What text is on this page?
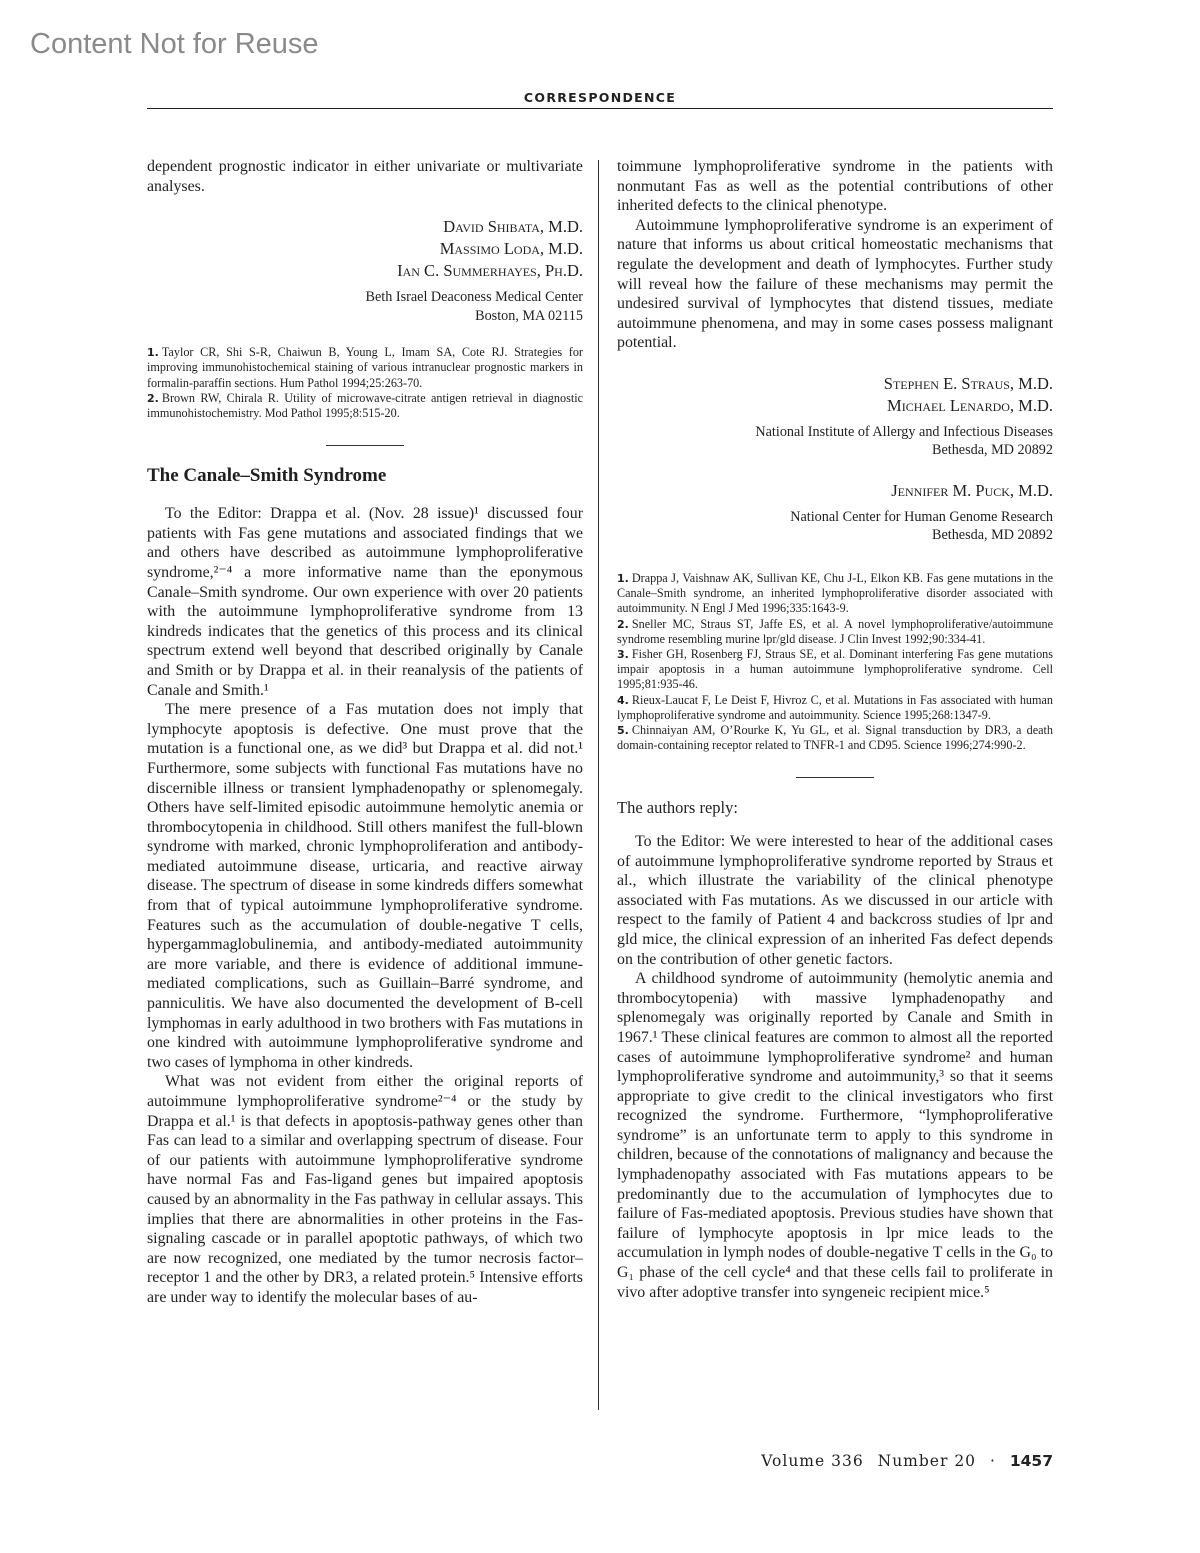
Content Not for Reuse
CORRESPONDENCE

dependent prognostic indicator in either univariate or multivariate analyses.

David Shibata, M.D.
Massimo Loda, M.D.
Ian C. Summerhayes, Ph.D.
Beth Israel Deaconess Medical Center
Boston, MA 02115
1. Taylor CR, Shi S-R, Chaiwun B, Young L, Imam SA, Cote RJ. Strategies for improving immunohistochemical staining of various intranuclear prognostic markers in formalin-paraffin sections. Hum Pathol 1994;25:263-70.
2. Brown RW, Chirala R. Utility of microwave-citrate antigen retrieval in diagnostic immunohistochemistry. Mod Pathol 1995;8:515-20.
The Canale–Smith Syndrome

To the Editor: Drappa et al. (Nov. 28 issue)¹ discussed four patients with Fas gene mutations and associated findings that we and others have described as autoimmune lymphoproliferative syndrome,²⁻⁴ a more informative name than the eponymous Canale–Smith syndrome. Our own experience with over 20 patients with the autoimmune lymphoproliferative syndrome from 13 kindreds indicates that the genetics of this process and its clinical spectrum extend well beyond that described originally by Canale and Smith or by Drappa et al. in their reanalysis of the patients of Canale and Smith.¹

The mere presence of a Fas mutation does not imply that lymphocyte apoptosis is defective. One must prove that the mutation is a functional one, as we did³ but Drappa et al. did not.¹ Furthermore, some subjects with functional Fas mutations have no discernible illness or transient lymphadenopathy or splenomegaly. Others have self-limited episodic autoimmune hemolytic anemia or thrombocytopenia in childhood. Still others manifest the full-blown syndrome with marked, chronic lymphoproliferation and antibody-mediated autoimmune disease, urticaria, and reactive airway disease. The spectrum of disease in some kindreds differs somewhat from that of typical autoimmune lymphoproliferative syndrome. Features such as the accumulation of double-negative T cells, hypergammaglobulinemia, and antibody-mediated autoimmunity are more variable, and there is evidence of additional immune-mediated complications, such as Guillain–Barré syndrome, and panniculitis. We have also documented the development of B-cell lymphomas in early adulthood in two brothers with Fas mutations in one kindred with autoimmune lymphoproliferative syndrome and two cases of lymphoma in other kindreds.

What was not evident from either the original reports of autoimmune lymphoproliferative syndrome²⁻⁴ or the study by Drappa et al.¹ is that defects in apoptosis-pathway genes other than Fas can lead to a similar and overlapping spectrum of disease. Four of our patients with autoimmune lymphoproliferative syndrome have normal Fas and Fas-ligand genes but impaired apoptosis caused by an abnormality in the Fas pathway in cellular assays. This implies that there are abnormalities in other proteins in the Fas-signaling cascade or in parallel apoptotic pathways, of which two are now recognized, one mediated by the tumor necrosis factor–receptor 1 and the other by DR3, a related protein.⁵ Intensive efforts are under way to identify the molecular bases of au-

toimmune lymphoproliferative syndrome in the patients with nonmutant Fas as well as the potential contributions of other inherited defects to the clinical phenotype.

Autoimmune lymphoproliferative syndrome is an experiment of nature that informs us about critical homeostatic mechanisms that regulate the development and death of lymphocytes. Further study will reveal how the failure of these mechanisms may permit the undesired survival of lymphocytes that distend tissues, mediate autoimmune phenomena, and may in some cases possess malignant potential.

Stephen E. Straus, M.D.
Michael Lenardo, M.D.
National Institute of Allergy and Infectious Diseases
Bethesda, MD 20892
Jennifer M. Puck, M.D.
National Center for Human Genome Research
Bethesda, MD 20892
1. Drappa J, Vaishnaw AK, Sullivan KE, Chu J-L, Elkon KB. Fas gene mutations in the Canale–Smith syndrome, an inherited lymphoproliferative disorder associated with autoimmunity. N Engl J Med 1996;335:1643-9.
2. Sneller MC, Straus ST, Jaffe ES, et al. A novel lymphoproliferative/autoimmune syndrome resembling murine lpr/gld disease. J Clin Invest 1992;90:334-41.
3. Fisher GH, Rosenberg FJ, Straus SE, et al. Dominant interfering Fas gene mutations impair apoptosis in a human autoimmune lymphoproliferative syndrome. Cell 1995;81:935-46.
4. Rieux-Laucat F, Le Deist F, Hivroz C, et al. Mutations in Fas associated with human lymphoproliferative syndrome and autoimmunity. Science 1995;268:1347-9.
5. Chinnaiyan AM, O’Rourke K, Yu GL, et al. Signal transduction by DR3, a death domain-containing receptor related to TNFR-1 and CD95. Science 1996;274:990-2.
The authors reply:

To the Editor: We were interested to hear of the additional cases of autoimmune lymphoproliferative syndrome reported by Straus et al., which illustrate the variability of the clinical phenotype associated with Fas mutations. As we discussed in our article with respect to the family of Patient 4 and backcross studies of lpr and gld mice, the clinical expression of an inherited Fas defect depends on the contribution of other genetic factors.

A childhood syndrome of autoimmunity (hemolytic anemia and thrombocytopenia) with massive lymphadenopathy and splenomegaly was originally reported by Canale and Smith in 1967.¹ These clinical features are common to almost all the reported cases of autoimmune lymphoproliferative syndrome² and human lymphoproliferative syndrome and autoimmunity,³ so that it seems appropriate to give credit to the clinical investigators who first recognized the syndrome. Furthermore, “lymphoproliferative syndrome” is an unfortunate term to apply to this syndrome in children, because of the connotations of malignancy and because the lymphadenopathy associated with Fas mutations appears to be predominantly due to the accumulation of lymphocytes due to failure of Fas-mediated apoptosis. Previous studies have shown that failure of lymphocyte apoptosis in lpr mice leads to the accumulation in lymph nodes of double-negative T cells in the G₀ to G₁ phase of the cell cycle⁴ and that these cells fail to proliferate in vivo after adoptive transfer into syngeneic recipient mice.⁵

Volume 336 Number 20 · 1457
